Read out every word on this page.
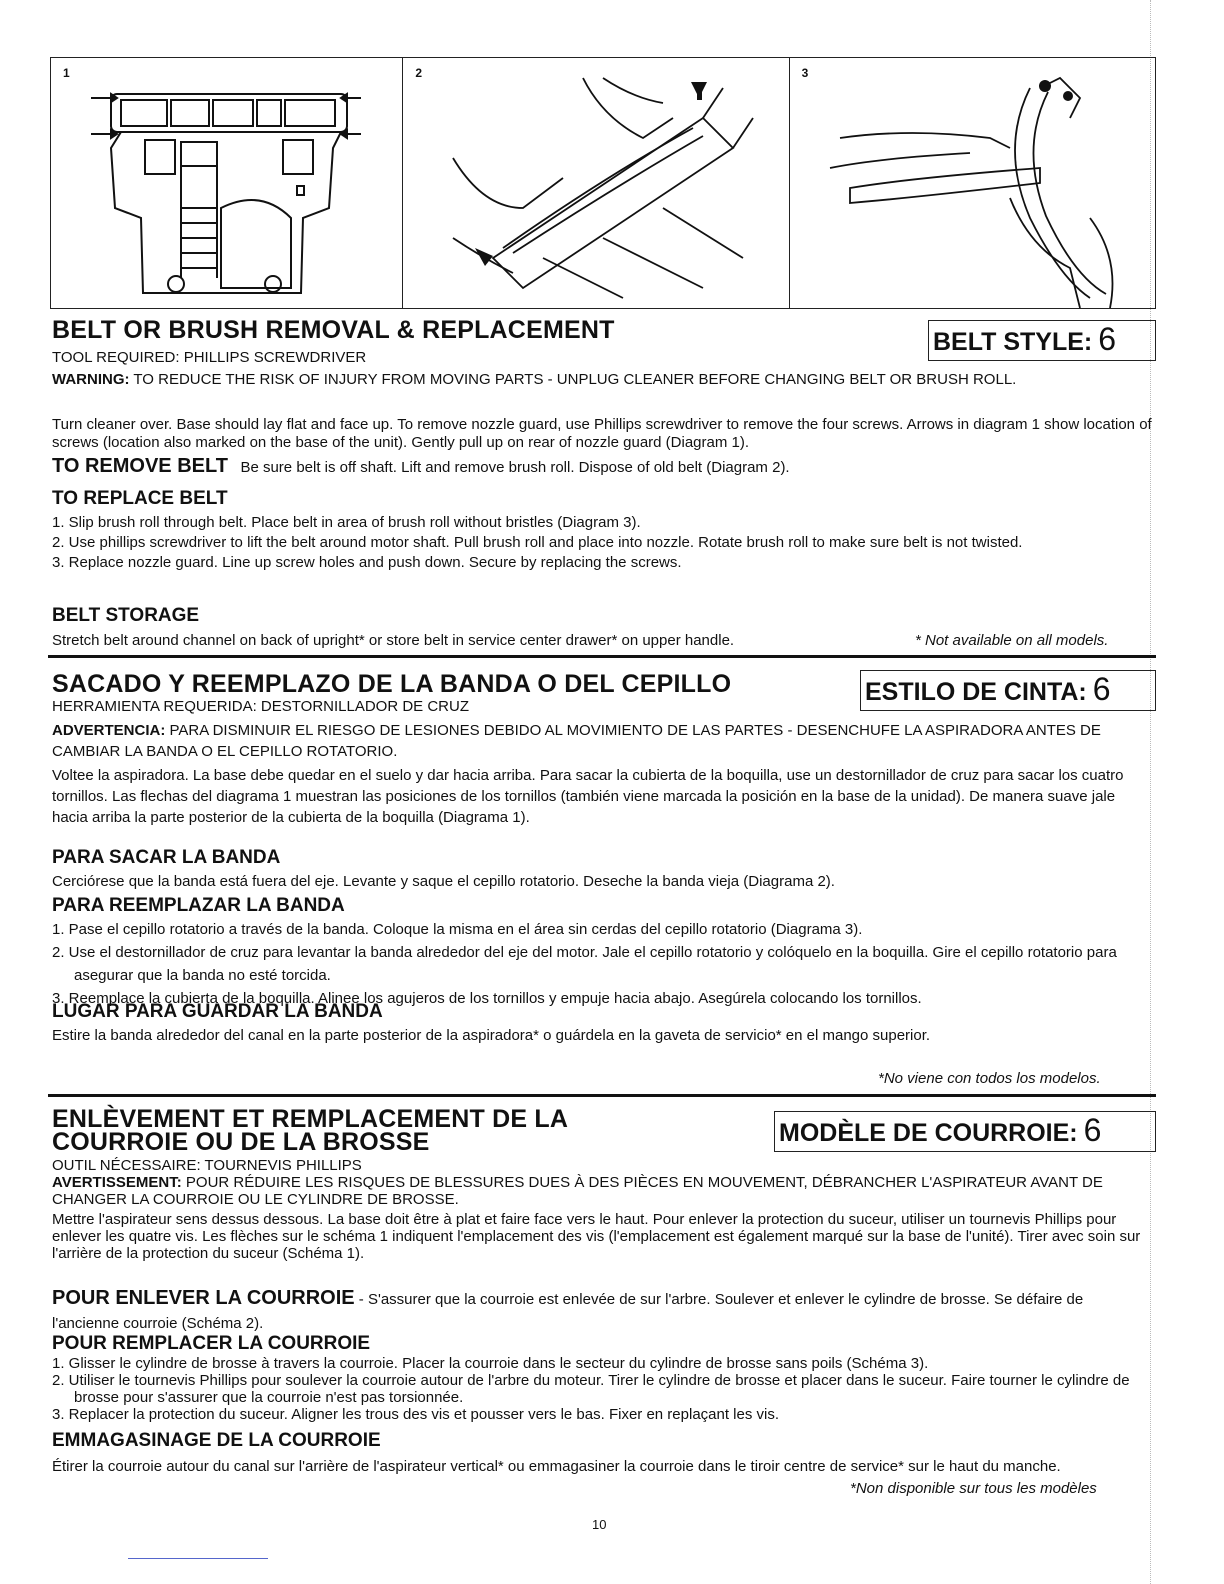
1	2	3
BELT OR BRUSH REMOVAL & REPLACEMENT	BELT STYLE: 6
TOOL REQUIRED: PHILLIPS SCREWDRIVER
WARNING: TO REDUCE THE RISK OF INJURY FROM MOVING PARTS - UNPLUG CLEANER BEFORE CHANGING BELT OR BRUSH ROLL.
Turn cleaner over. Base should lay flat and face up. To remove nozzle guard, use Phillips screwdriver to remove the four screws. Arrows in diagram 1 show location of screws (location also marked on the base of the unit). Gently pull up on rear of nozzle guard (Diagram 1).
TO REMOVE BELT Be sure belt is off shaft. Lift and remove brush roll. Dispose of old belt (Diagram 2).
TO REPLACE BELT
1. Slip brush roll through belt. Place belt in area of brush roll without bristles (Diagram 3).
2. Use phillips screwdriver to lift the belt around motor shaft. Pull brush roll and place into nozzle. Rotate brush roll to make sure belt is not twisted.
3. Replace nozzle guard. Line up screw holes and push down. Secure by replacing the screws.
BELT STORAGE
Stretch belt around channel on back of upright* or store belt in service center drawer* on upper handle.	* Not available on all models.
SACADO Y REEMPLAZO DE LA BANDA O DEL CEPILLO	ESTILO DE CINTA: 6
HERRAMIENTA REQUERIDA: DESTORNILLADOR DE CRUZ
ADVERTENCIA: PARA DISMINUIR EL RIESGO DE LESIONES DEBIDO AL MOVIMIENTO DE LAS PARTES - DESENCHUFE LA ASPIRADORA ANTES DE CAMBIAR LA BANDA O EL CEPILLO ROTATORIO.
Voltee la aspiradora. La base debe quedar en el suelo y dar hacia arriba. Para sacar la cubierta de la boquilla, use un destornillador de cruz para sacar los cuatro tornillos. Las flechas del diagrama 1 muestran las posiciones de los tornillos (también viene marcada la posición en la base de la unidad). De manera suave jale hacia arriba la parte posterior de la cubierta de la boquilla (Diagrama 1).
PARA SACAR LA BANDA
Cerciórese que la banda está fuera del eje. Levante y saque el cepillo rotatorio. Deseche la banda vieja (Diagrama 2).
PARA REEMPLAZAR LA BANDA
1. Pase el cepillo rotatorio a través de la banda. Coloque la misma en el área sin cerdas del cepillo rotatorio (Diagrama 3).
2. Use el destornillador de cruz para levantar la banda alrededor del eje del motor. Jale el cepillo rotatorio y colóquelo en la boquilla. Gire el cepillo rotatorio para asegurar que la banda no esté torcida.
3. Reemplace la cubierta de la boquilla. Alinee los agujeros de los tornillos y empuje hacia abajo. Asegúrela colocando los tornillos.
LUGAR PARA GUARDAR LA BANDA
Estire la banda alrededor del canal en la parte posterior de la aspiradora* o guárdela en la gaveta de servicio* en el mango superior.
*No viene con todos los modelos.
ENLÈVEMENT ET REMPLACEMENT DE LA
COURROIE OU DE LA BROSSE	MODÈLE DE COURROIE: 6
OUTIL NÉCESSAIRE: TOURNEVIS PHILLIPS
AVERTISSEMENT: POUR RÉDUIRE LES RISQUES DE BLESSURES DUES À DES PIÈCES EN MOUVEMENT, DÉBRANCHER L'ASPIRATEUR AVANT DE CHANGER LA COURROIE OU LE CYLINDRE DE BROSSE.
Mettre l'aspirateur sens dessus dessous. La base doit être à plat et faire face vers le haut. Pour enlever la protection du suceur, utiliser un tournevis Phillips pour enlever les quatre vis. Les flèches sur le schéma 1 indiquent l'emplacement des vis (l'emplacement est également marqué sur la base de l'unité). Tirer avec soin sur l'arrière de la protection du suceur (Schéma 1).
POUR ENLEVER LA COURROIE - S'assurer que la courroie est enlevée de sur l'arbre. Soulever et enlever le cylindre de brosse. Se défaire de l'ancienne courroie (Schéma 2).
POUR REMPLACER LA COURROIE
1. Glisser le cylindre de brosse à travers la courroie. Placer la courroie dans le secteur du cylindre de brosse sans poils (Schéma 3).
2. Utiliser le tournevis Phillips pour soulever la courroie autour de l'arbre du moteur. Tirer le cylindre de brosse et placer dans le suceur. Faire tourner le cylindre de brosse pour s'assurer que la courroie n'est pas torsionnée.
3. Replacer la protection du suceur. Aligner les trous des vis et pousser vers le bas. Fixer en replaçant les vis.
EMMAGASINAGE DE LA COURROIE
Étirer la courroie autour du canal sur l'arrière de l'aspirateur vertical* ou emmagasiner la courroie dans le tiroir centre de service* sur le haut du manche.
*Non disponible sur tous les modèles
10
